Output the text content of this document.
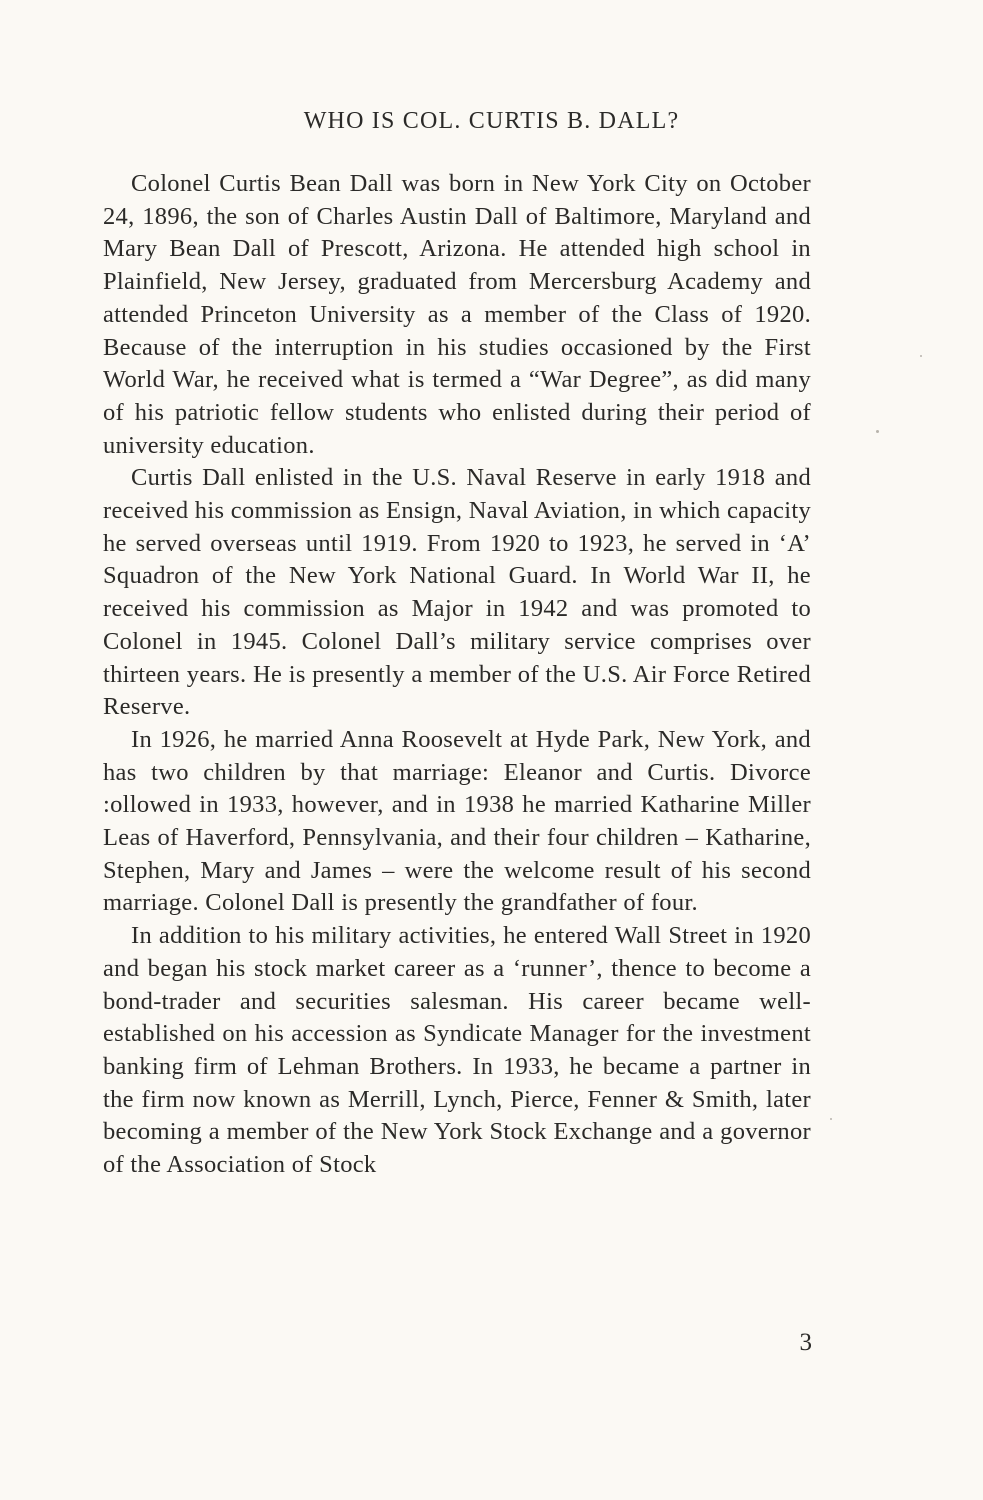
WHO IS COL. CURTIS B. DALL?

Colonel Curtis Bean Dall was born in New York City on October 24, 1896, the son of Charles Austin Dall of Baltimore, Maryland and Mary Bean Dall of Prescott, Arizona. He attended high school in Plainfield, New Jersey, graduated from Mercersburg Academy and attended Princeton University as a member of the Class of 1920. Because of the interruption in his studies occasioned by the First World War, he received what is termed a “War Degree”, as did many of his patriotic fellow students who enlisted during their period of university education.

Curtis Dall enlisted in the U.S. Naval Reserve in early 1918 and received his commission as Ensign, Naval Aviation, in which capacity he served overseas until 1919. From 1920 to 1923, he served in ‘A’ Squadron of the New York National Guard. In World War II, he received his commission as Major in 1942 and was promoted to Colonel in 1945. Colonel Dall’s military service comprises over thirteen years. He is presently a member of the U.S. Air Force Retired Reserve.

In 1926, he married Anna Roosevelt at Hyde Park, New York, and has two children by that marriage: Eleanor and Curtis. Divorce :ollowed in 1933, however, and in 1938 he married Katharine Miller Leas of Haverford, Pennsylvania, and their four children – Katharine, Stephen, Mary and James – were the welcome result of his second marriage. Colonel Dall is presently the grandfather of four.

In addition to his military activities, he entered Wall Street in 1920 and began his stock market career as a ‘runner’, thence to become a bond-trader and securities salesman. His career became well-established on his accession as Syndicate Manager for the investment banking firm of Lehman Brothers. In 1933, he became a partner in the firm now known as Merrill, Lynch, Pierce, Fenner & Smith, later becoming a member of the New York Stock Exchange and a governor of the Association of Stock

3
